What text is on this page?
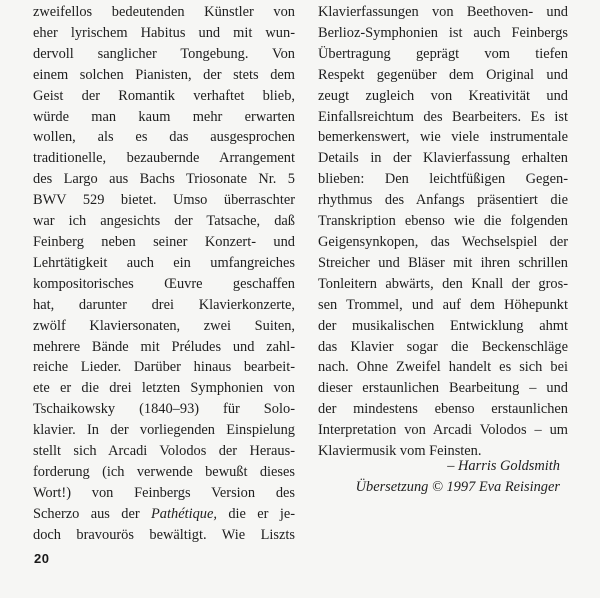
zweifellos bedeutenden Künstler von
eher lyrischem Habitus und mit wun-
dervoll sanglicher Tongebung. Von
einem solchen Pianisten, der stets dem
Geist der Romantik verhaftet blieb,
würde man kaum mehr erwarten
wollen, als es das ausgesprochen
traditionelle, bezaubernde Arrangement
des Largo aus Bachs Triosonate Nr. 5
BWV 529 bietet. Umso überraschter
war ich angesichts der Tatsache, daß
Feinberg neben seiner Konzert- und
Lehrtätigkeit auch ein umfangreiches
kompositorisches Œuvre geschaffen
hat, darunter drei Klavierkonzerte,
zwölf Klaviersonaten, zwei Suiten,
mehrere Bände mit Préludes und zahl-
reiche Lieder. Darüber hinaus bearbeit-
ete er die drei letzten Symphonien von
Tschaikowsky (1840–93) für Solo-
klavier. In der vorliegenden Einspielung
stellt sich Arcadi Volodos der Heraus-
forderung (ich verwende bewußt dieses
Wort!) von Feinbergs Version des
Scherzo aus der Pathétique, die er je-
doch bravourös bewältigt. Wie Liszts
Klavierfassungen von Beethoven- und
Berlioz-Symphonien ist auch Feinbergs
Übertragung geprägt vom tiefen
Respekt gegenüber dem Original und
zeugt zugleich von Kreativität und
Einfallsreichtum des Bearbeiters. Es ist
bemerkenswert, wie viele instrumentale
Details in der Klavierfassung erhalten
blieben: Den leichtfüßigen Gegen-
rhythmus des Anfangs präsentiert die
Transkription ebenso wie die folgenden
Geigensynkopen, das Wechselspiel der
Streicher und Bläser mit ihren schrillen
Tonleitern abwärts, den Knall der gros-
sen Trommel, und auf dem Höhepunkt
der musikalischen Entwicklung ahmt
das Klavier sogar die Beckenschläge
nach. Ohne Zweifel handelt es sich bei
dieser erstaunlichen Bearbeitung – und
der mindestens ebenso erstaunlichen
Interpretation von Arcadi Volodos – um
Klaviermusik vom Feinsten.
– Harris Goldsmith
Übersetzung © 1997 Eva Reisinger
20
